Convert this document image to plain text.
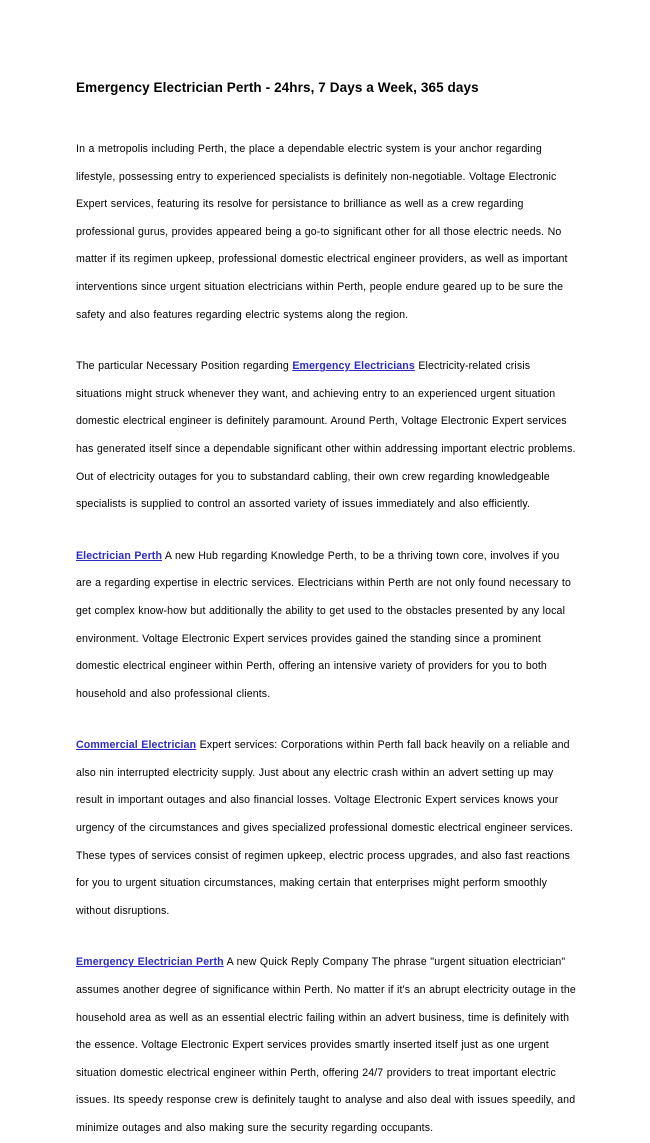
Emergency Electrician Perth - 24hrs, 7 Days a Week, 365 days

In a metropolis including Perth, the place a dependable electric system is your anchor regarding lifestyle, possessing entry to experienced specialists is definitely non-negotiable. Voltage Electronic Expert services, featuring its resolve for persistance to brilliance as well as a crew regarding professional gurus, provides appeared being a go-to significant other for all those electric needs. No matter if its regimen upkeep, professional domestic electrical engineer providers, as well as important interventions since urgent situation electricians within Perth, people endure geared up to be sure the safety and also features regarding electric systems along the region.

The particular Necessary Position regarding Emergency Electricians Electricity-related crisis situations might struck whenever they want, and achieving entry to an experienced urgent situation domestic electrical engineer is definitely paramount. Around Perth, Voltage Electronic Expert services has generated itself since a dependable significant other within addressing important electric problems. Out of electricity outages for you to substandard cabling, their own crew regarding knowledgeable specialists is supplied to control an assorted variety of issues immediately and also efficiently.

Electrician Perth A new Hub regarding Knowledge Perth, to be a thriving town core, involves if you are a regarding expertise in electric services. Electricians within Perth are not only found necessary to get complex know-how but additionally the ability to get used to the obstacles presented by any local environment. Voltage Electronic Expert services provides gained the standing since a prominent domestic electrical engineer within Perth, offering an intensive variety of providers for you to both household and also professional clients.

Commercial Electrician Expert services: Corporations within Perth fall back heavily on a reliable and also nin interrupted electricity supply. Just about any electric crash within an advert setting up may result in important outages and also financial losses. Voltage Electronic Expert services knows your urgency of the circumstances and gives specialized professional domestic electrical engineer services. These types of services consist of regimen upkeep, electric process upgrades, and also fast reactions for you to urgent situation circumstances, making certain that enterprises might perform smoothly without disruptions.

Emergency Electrician Perth A new Quick Reply Company The phrase "urgent situation electrician" assumes another degree of significance within Perth. No matter if it's an abrupt electricity outage in the household area as well as an essential electric failing within an advert business, time is definitely with the essence. Voltage Electronic Expert services provides smartly inserted itself just as one urgent situation domestic electrical engineer within Perth, offering 24/7 providers to treat important electric issues. Its speedy response crew is definitely taught to analyse and also deal with issues speedily, and minimize outages and also making sure the security regarding occupants.
